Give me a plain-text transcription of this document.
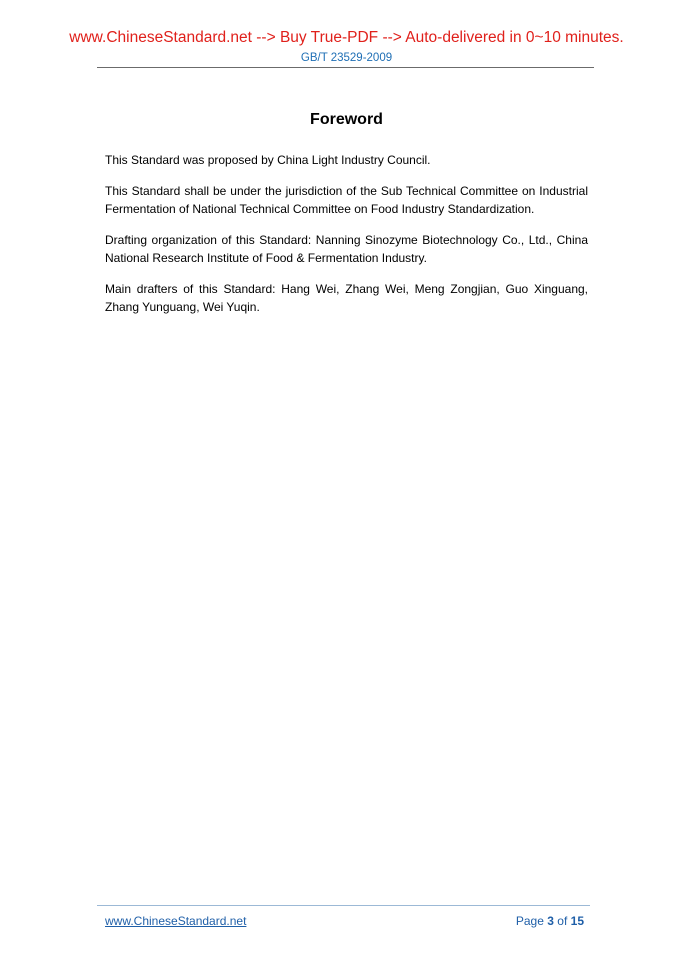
www.ChineseStandard.net --> Buy True-PDF --> Auto-delivered in 0~10 minutes.
GB/T 23529-2009
Foreword

This Standard was proposed by China Light Industry Council.

This Standard shall be under the jurisdiction of the Sub Technical Committee on Industrial Fermentation of National Technical Committee on Food Industry Standardization.

Drafting organization of this Standard: Nanning Sinozyme Biotechnology Co., Ltd., China National Research Institute of Food & Fermentation Industry.

Main drafters of this Standard: Hang Wei, Zhang Wei, Meng Zongjian, Guo Xinguang, Zhang Yunguang, Wei Yuqin.

www.ChineseStandard.net	Page 3 of 15
